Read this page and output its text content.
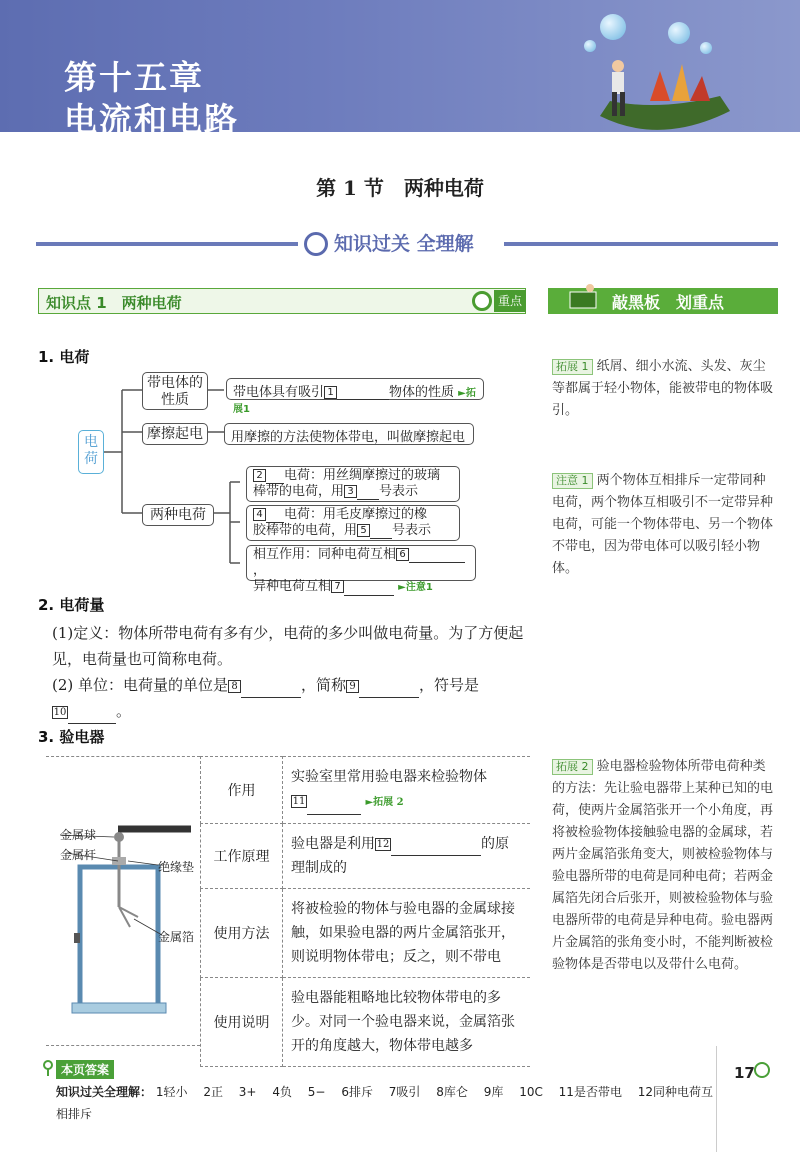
第十五章
电流和电路
第 1 节　两种电荷
知识过关 全理解
知识点 1　两种电荷	重点	敲黑板　划重点
1. 电荷
电荷
带电体的性质	带电体具有吸引 1	物体的性质 ►拓展1
摩擦起电	用摩擦的方法使物体带电，叫做摩擦起电
两种电荷
2 电荷：用丝绸摩擦过的玻璃
棒带的电荷，用 3 号表示
4 电荷：用毛皮摩擦过的橡
胶棒带的电荷，用 5 号表示
相互作用：同种电荷互相 6，
异种电荷互相 7	►注意1
2. 电荷量
(1)定义：物体所带电荷有多有少，电荷的多少叫做电荷量。为了方便起见，电荷量也可简称电荷。
(2) 单位：电荷量的单位是 8	，简称 9	，符号是
10	。
3. 验电器
金属球
金属杆
绝缘垫
金属箔
作用	实验室里常用验电器来检验物体
11 ►拓展 2
工作原理	验电器是利用 12 的原理制成的
使用方法	将被检验的物体与验电器的金属球接触，如果验电器的两片金属箔张开，则说明物体带电；反之，则不带电
使用说明	验电器能粗略地比较物体带电的多少。对同一个验电器来说，金属箔张开的角度越大，物体带电越多
拓展 1 纸屑、细小水流、头发、灰尘等都属于轻小物体，能被带电的物体吸引。
注意 1 两个物体互相排斥一定带同种电荷，两个物体互相吸引不一定带异种电荷，可能一个物体带电、另一个物体不带电，因为带电体可以吸引轻小物体。
拓展 2 验电器检验物体所带电荷种类的方法：先让验电器带上某种已知的电荷，使两片金属箔张开一个小角度，再将被检验物体接触验电器的金属球，若两片金属箔张角变大，则被检验物体与验电器所带的电荷是同种电荷；若两金属箔先闭合后张开，则被检验物体与验电器所带的电荷是异种电荷。验电器两片金属箔的张角变小时，不能判断被检验物体是否带电以及带什么电荷。
本页答案
知识过关全理解： 1轻小　 2正　 3+　 4负　 5−　 6排斥　 7吸引　 8库仑　 9库　 10C　 11是否带电　 12同种电荷互相排斥
17
